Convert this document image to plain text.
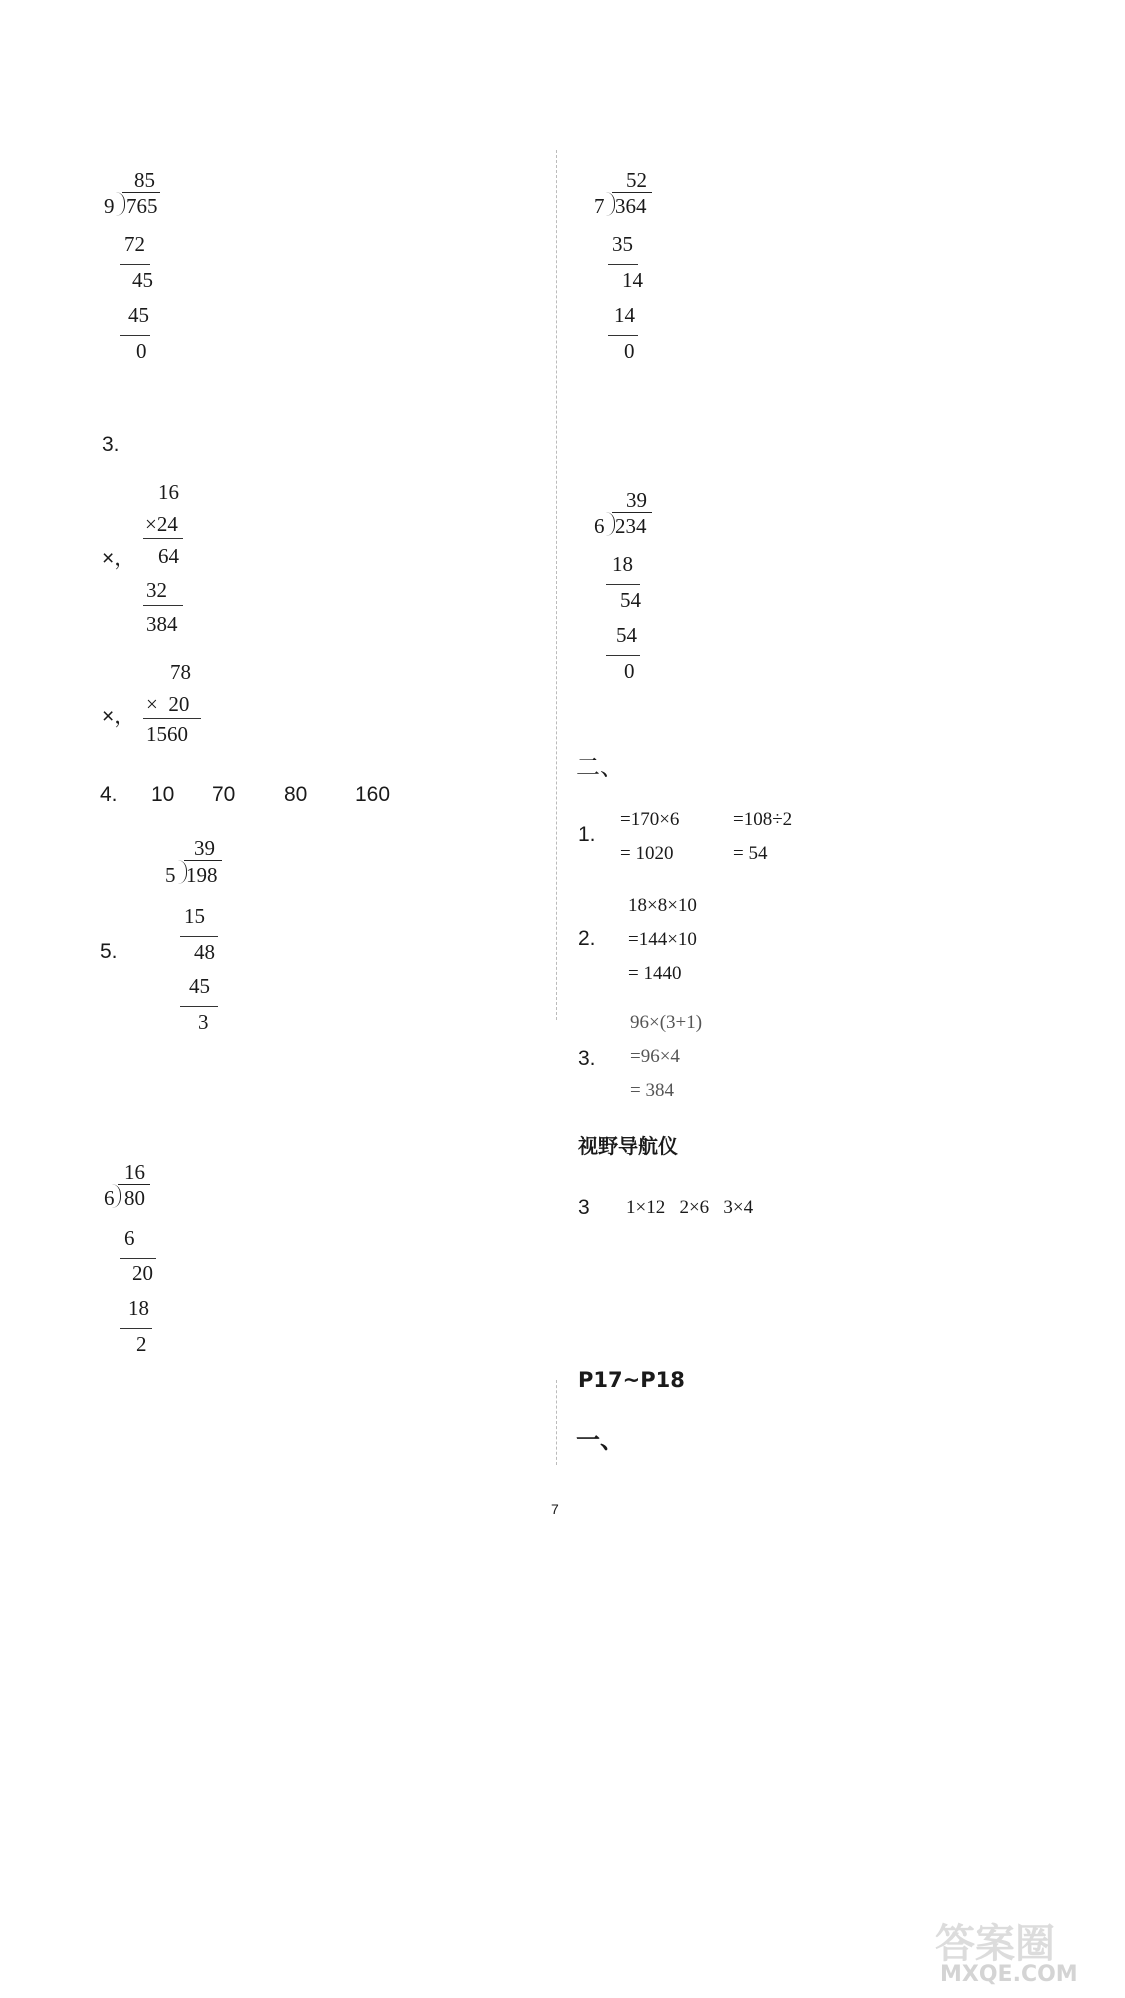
85
9 765
72
45
45
0
3.
16
×24
×， 64
32
384
78
×  20
×，
1560
4. 10 70 80 160
5.
39
5 198
15
48
45
3
16
6 80
6
20
18
2
52
7 364
35
14
14
0
39
6 234
18
54
54
0
二、
1.
=170×6
= 1020
=108÷2
= 54
2.
18×8×10
=144×10
= 1440
3.
96×(3+1)
=96×4
= 384
视野导航仪
3 1×12   2×6   3×4
P17~P18
一、
7
答案圈
MXQE.COM
